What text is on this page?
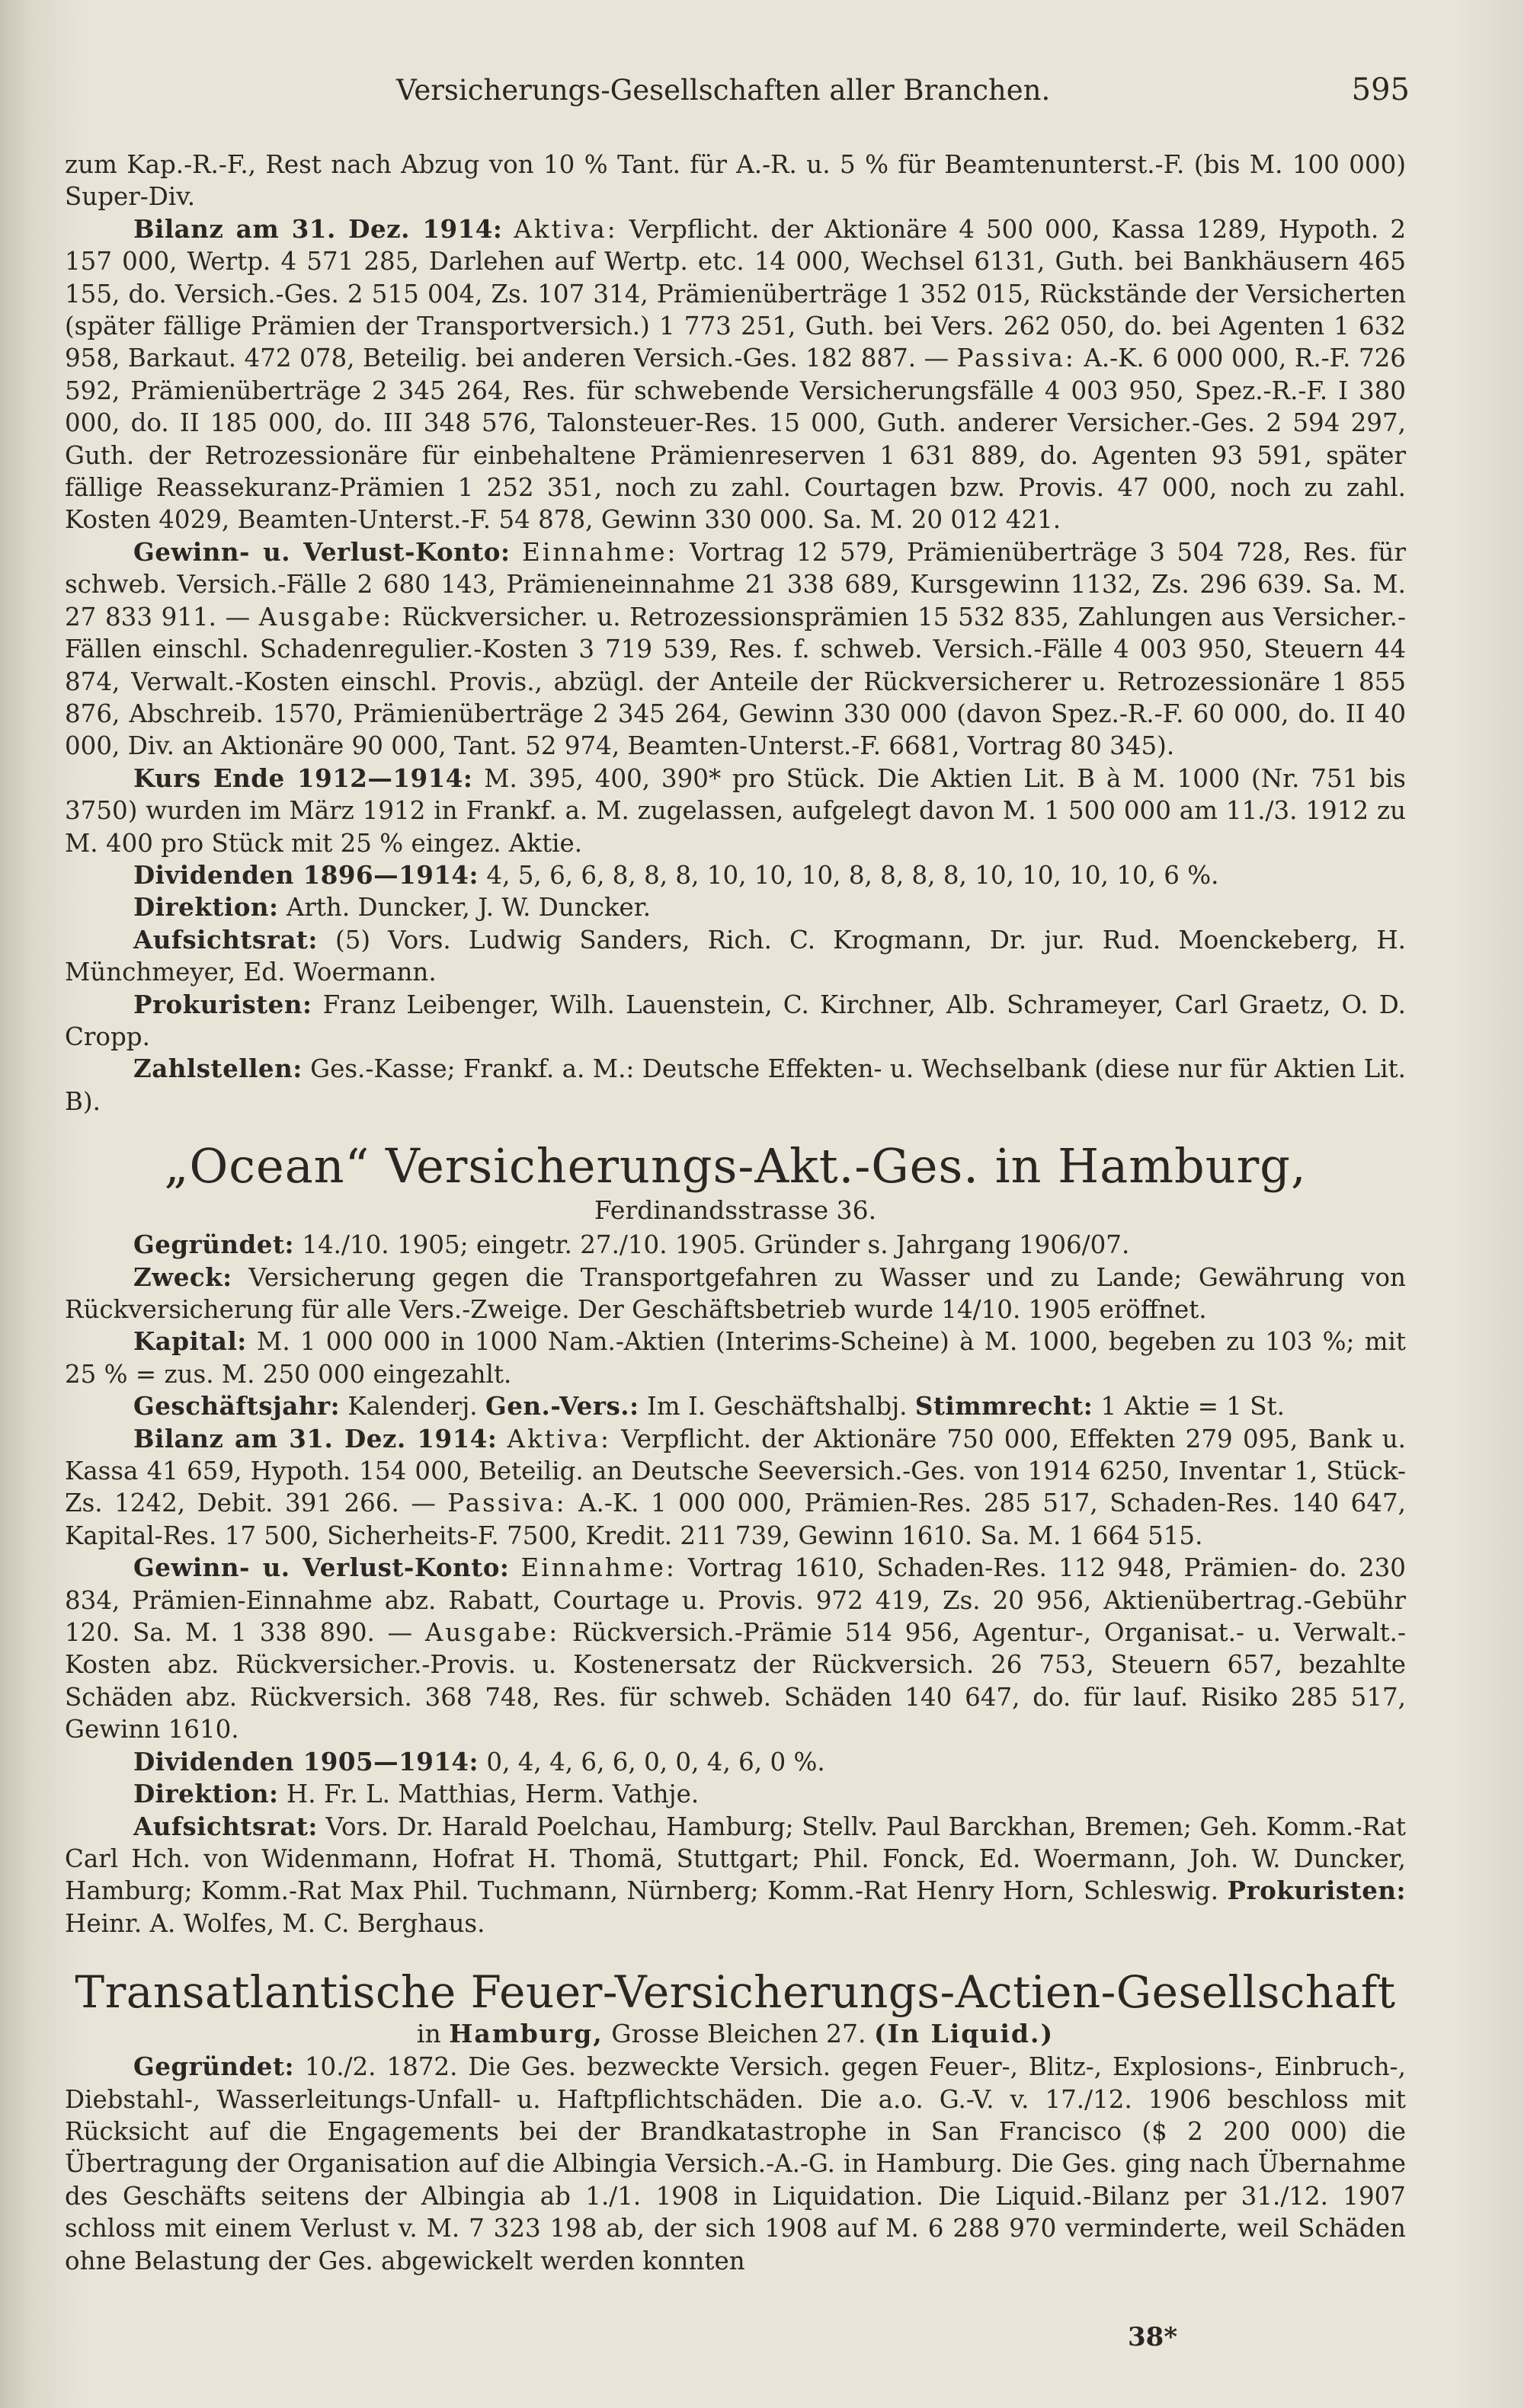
Versicherungs-Gesellschaften aller Branchen.	595

zum Kap.-R.-F., Rest nach Abzug von 10 % Tant. für A.-R. u. 5 % für Beamtenunterst.-F. (bis M. 100 000) Super-Div.

Bilanz am 31. Dez. 1914: Aktiva: Verpflicht. der Aktionäre 4 500 000, Kassa 1289, Hypoth. 2 157 000, Wertp. 4 571 285, Darlehen auf Wertp. etc. 14 000, Wechsel 6131, Guth. bei Bankhäusern 465 155, do. Versich.-Ges. 2 515 004, Zs. 107 314, Prämienüberträge 1 352 015, Rückstände der Versicherten (später fällige Prämien der Transportversich.) 1 773 251, Guth. bei Vers. 262 050, do. bei Agenten 1 632 958, Barkaut. 472 078, Beteilig. bei anderen Versich.-Ges. 182 887. — Passiva: A.-K. 6 000 000, R.-F. 726 592, Prämienüberträge 2 345 264, Res. für schwebende Versicherungsfälle 4 003 950, Spez.-R.-F. I 380 000, do. II 185 000, do. III 348 576, Talonsteuer-Res. 15 000, Guth. anderer Versicher.-Ges. 2 594 297, Guth. der Retrozessionäre für einbehaltene Prämienreserven 1 631 889, do. Agenten 93 591, später fällige Reassekuranz-Prämien 1 252 351, noch zu zahl. Courtagen bzw. Provis. 47 000, noch zu zahl. Kosten 4029, Beamten-Unterst.-F. 54 878, Gewinn 330 000. Sa. M. 20 012 421.

Gewinn- u. Verlust-Konto: Einnahme: Vortrag 12 579, Prämienüberträge 3 504 728, Res. für schweb. Versich.-Fälle 2 680 143, Prämieneinnahme 21 338 689, Kursgewinn 1132, Zs. 296 639. Sa. M. 27 833 911. — Ausgabe: Rückversicher. u. Retrozessionsprämien 15 532 835, Zahlungen aus Versicher.-Fällen einschl. Schadenregulier.-Kosten 3 719 539, Res. f. schweb. Versich.-Fälle 4 003 950, Steuern 44 874, Verwalt.-Kosten einschl. Provis., abzügl. der Anteile der Rückversicherer u. Retrozessionäre 1 855 876, Abschreib. 1570, Prämienüberträge 2 345 264, Gewinn 330 000 (davon Spez.-R.-F. 60 000, do. II 40 000, Div. an Aktionäre 90 000, Tant. 52 974, Beamten-Unterst.-F. 6681, Vortrag 80 345).

Kurs Ende 1912—1914: M. 395, 400, 390* pro Stück. Die Aktien Lit. B à M. 1000 (Nr. 751 bis 3750) wurden im März 1912 in Frankf. a. M. zugelassen, aufgelegt davon M. 1 500 000 am 11./3. 1912 zu M. 400 pro Stück mit 25 % eingez. Aktie.

Dividenden 1896—1914: 4, 5, 6, 6, 8, 8, 8, 10, 10, 10, 8, 8, 8, 8, 10, 10, 10, 10, 6 %.

Direktion: Arth. Duncker, J. W. Duncker.

Aufsichtsrat: (5) Vors. Ludwig Sanders, Rich. C. Krogmann, Dr. jur. Rud. Moenckeberg, H. Münchmeyer, Ed. Woermann.

Prokuristen: Franz Leibenger, Wilh. Lauenstein, C. Kirchner, Alb. Schrameyer, Carl Graetz, O. D. Cropp.

Zahlstellen: Ges.-Kasse; Frankf. a. M.: Deutsche Effekten- u. Wechselbank (diese nur für Aktien Lit. B).

„Ocean“ Versicherungs-Akt.-Ges. in Hamburg,
Ferdinandsstrasse 36.

Gegründet: 14./10. 1905; eingetr. 27./10. 1905. Gründer s. Jahrgang 1906/07.

Zweck: Versicherung gegen die Transportgefahren zu Wasser und zu Lande; Gewährung von Rückversicherung für alle Vers.-Zweige. Der Geschäftsbetrieb wurde 14/10. 1905 eröffnet.

Kapital: M. 1 000 000 in 1000 Nam.-Aktien (Interims-Scheine) à M. 1000, begeben zu 103 %; mit 25 % = zus. M. 250 000 eingezahlt.

Geschäftsjahr: Kalenderj. Gen.-Vers.: Im I. Geschäftshalbj. Stimmrecht: 1 Aktie = 1 St.

Bilanz am 31. Dez. 1914: Aktiva: Verpflicht. der Aktionäre 750 000, Effekten 279 095, Bank u. Kassa 41 659, Hypoth. 154 000, Beteilig. an Deutsche Seeversich.-Ges. von 1914 6250, Inventar 1, Stück-Zs. 1242, Debit. 391 266. — Passiva: A.-K. 1 000 000, Prämien-Res. 285 517, Schaden-Res. 140 647, Kapital-Res. 17 500, Sicherheits-F. 7500, Kredit. 211 739, Gewinn 1610. Sa. M. 1 664 515.

Gewinn- u. Verlust-Konto: Einnahme: Vortrag 1610, Schaden-Res. 112 948, Prämien- do. 230 834, Prämien-Einnahme abz. Rabatt, Courtage u. Provis. 972 419, Zs. 20 956, Aktienübertrag.-Gebühr 120. Sa. M. 1 338 890. — Ausgabe: Rückversich.-Prämie 514 956, Agentur-, Organisat.- u. Verwalt.-Kosten abz. Rückversicher.-Provis. u. Kostenersatz der Rückversich. 26 753, Steuern 657, bezahlte Schäden abz. Rückversich. 368 748, Res. für schweb. Schäden 140 647, do. für lauf. Risiko 285 517, Gewinn 1610.

Dividenden 1905—1914: 0, 4, 4, 6, 6, 0, 0, 4, 6, 0 %.

Direktion: H. Fr. L. Matthias, Herm. Vathje.

Aufsichtsrat: Vors. Dr. Harald Poelchau, Hamburg; Stellv. Paul Barckhan, Bremen; Geh. Komm.-Rat Carl Hch. von Widenmann, Hofrat H. Thomä, Stuttgart; Phil. Fonck, Ed. Woermann, Joh. W. Duncker, Hamburg; Komm.-Rat Max Phil. Tuchmann, Nürnberg; Komm.-Rat Henry Horn, Schleswig. Prokuristen: Heinr. A. Wolfes, M. C. Berghaus.

Transatlantische Feuer-Versicherungs-Actien-Gesellschaft
in Hamburg, Grosse Bleichen 27. (In Liquid.)

Gegründet: 10./2. 1872. Die Ges. bezweckte Versich. gegen Feuer-, Blitz-, Explosions-, Einbruch-, Diebstahl-, Wasserleitungs-Unfall- u. Haftpflichtschäden. Die a.o. G.-V. v. 17./12. 1906 beschloss mit Rücksicht auf die Engagements bei der Brandkatastrophe in San Francisco ($ 2 200 000) die Übertragung der Organisation auf die Albingia Versich.-A.-G. in Hamburg. Die Ges. ging nach Übernahme des Geschäfts seitens der Albingia ab 1./1. 1908 in Liquidation. Die Liquid.-Bilanz per 31./12. 1907 schloss mit einem Verlust v. M. 7 323 198 ab, der sich 1908 auf M. 6 288 970 verminderte, weil Schäden ohne Belastung der Ges. abgewickelt werden konnten

38*
